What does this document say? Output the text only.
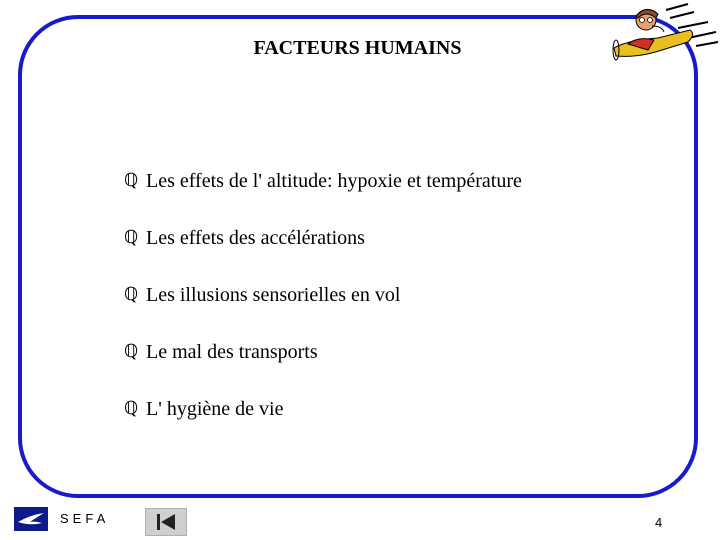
FACTEURS HUMAINS
ℚ Les effets de l' altitude: hypoxie et température
ℚ Les effets des accélérations
ℚ Les illusions sensorielles en vol
ℚ Le mal des transports
ℚ L' hygiène de vie
SEFA	4
